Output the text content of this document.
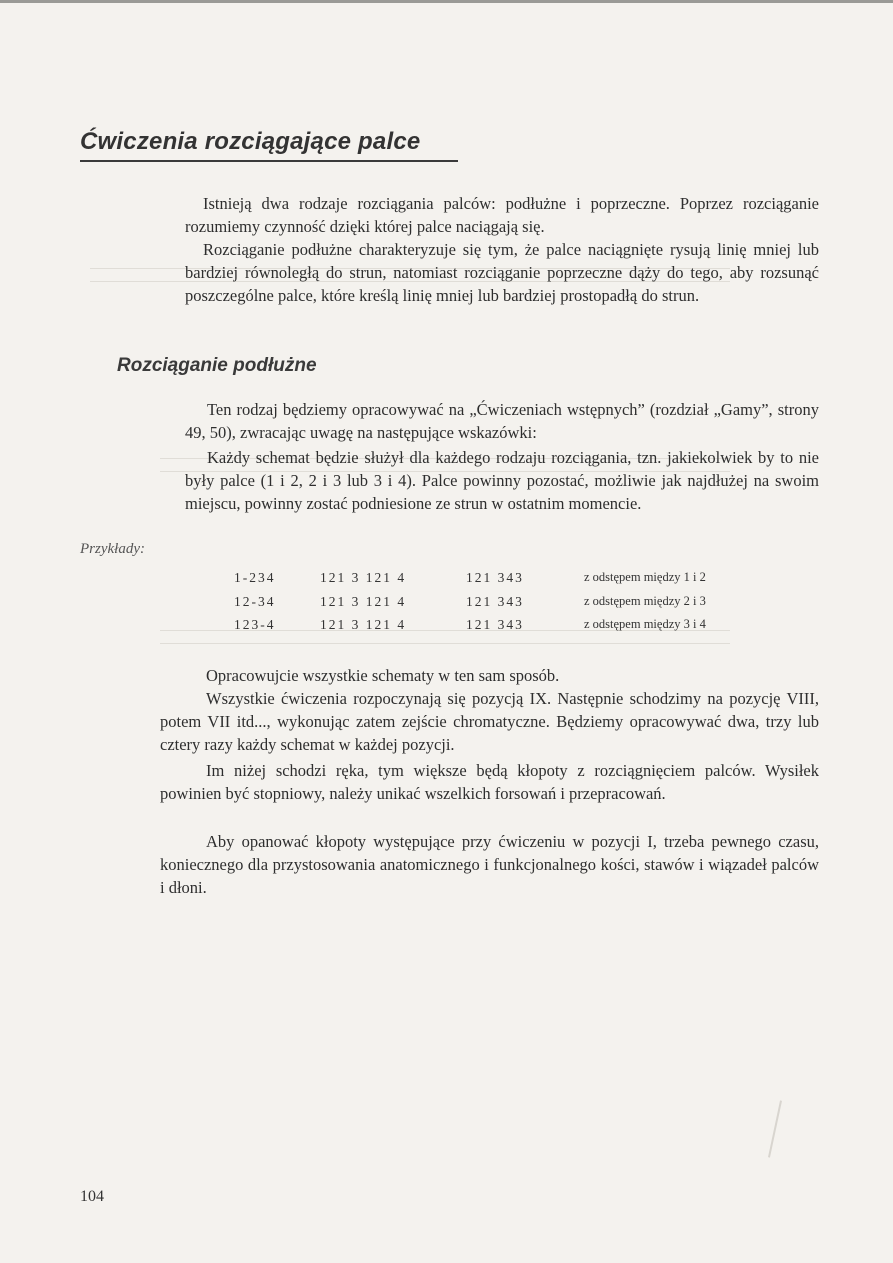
Ćwiczenia rozciągające palce

Istnieją dwa rodzaje rozciągania palców: podłużne i poprzeczne. Poprzez rozciąganie rozumiemy czynność dzięki której palce naciągają się.

Rozciąganie podłużne charakteryzuje się tym, że palce naciągnięte rysują linię mniej lub bardziej równoległą do strun, natomiast rozciąganie poprzeczne dąży do tego, aby rozsunąć poszczególne palce, które kreślą linię mniej lub bardziej prostopadłą do strun.

Rozciąganie podłużne

Ten rodzaj będziemy opracowywać na „Ćwiczeniach wstępnych” (rozdział „Gamy”, strony 49, 50), zwracając uwagę na następujące wskazówki:

Każdy schemat będzie służył dla każdego rodzaju rozciągania, tzn. jakiekolwiek by to nie były palce (1 i 2, 2 i 3 lub 3 i 4). Palce powinny pozostać, możliwie jak najdłużej na swoim miejscu, powinny zostać podniesione ze strun w ostatnim momencie.

Przykłady:
1-234	121 3 121 4	121 343	z odstępem między 1 i 2
12-34	121 3 121 4	121 343	z odstępem między 2 i 3
123-4	121 3 121 4	121 343	z odstępem między 3 i 4

Opracowujcie wszystkie schematy w ten sam sposób.

Wszystkie ćwiczenia rozpoczynają się pozycją IX. Następnie schodzimy na pozycję VIII, potem VII itd..., wykonując zatem zejście chromatyczne. Będziemy opracowywać dwa, trzy lub cztery razy każdy schemat w każdej pozycji.

Im niżej schodzi ręka, tym większe będą kłopoty z rozciągnięciem palców. Wysiłek powinien być stopniowy, należy unikać wszelkich forsowań i przepracowań.

Aby opanować kłopoty występujące przy ćwiczeniu w pozycji I, trzeba pewnego czasu, koniecznego dla przystosowania anatomicznego i funkcjonalnego kości, stawów i wiązadeł palców i dłoni.

104
